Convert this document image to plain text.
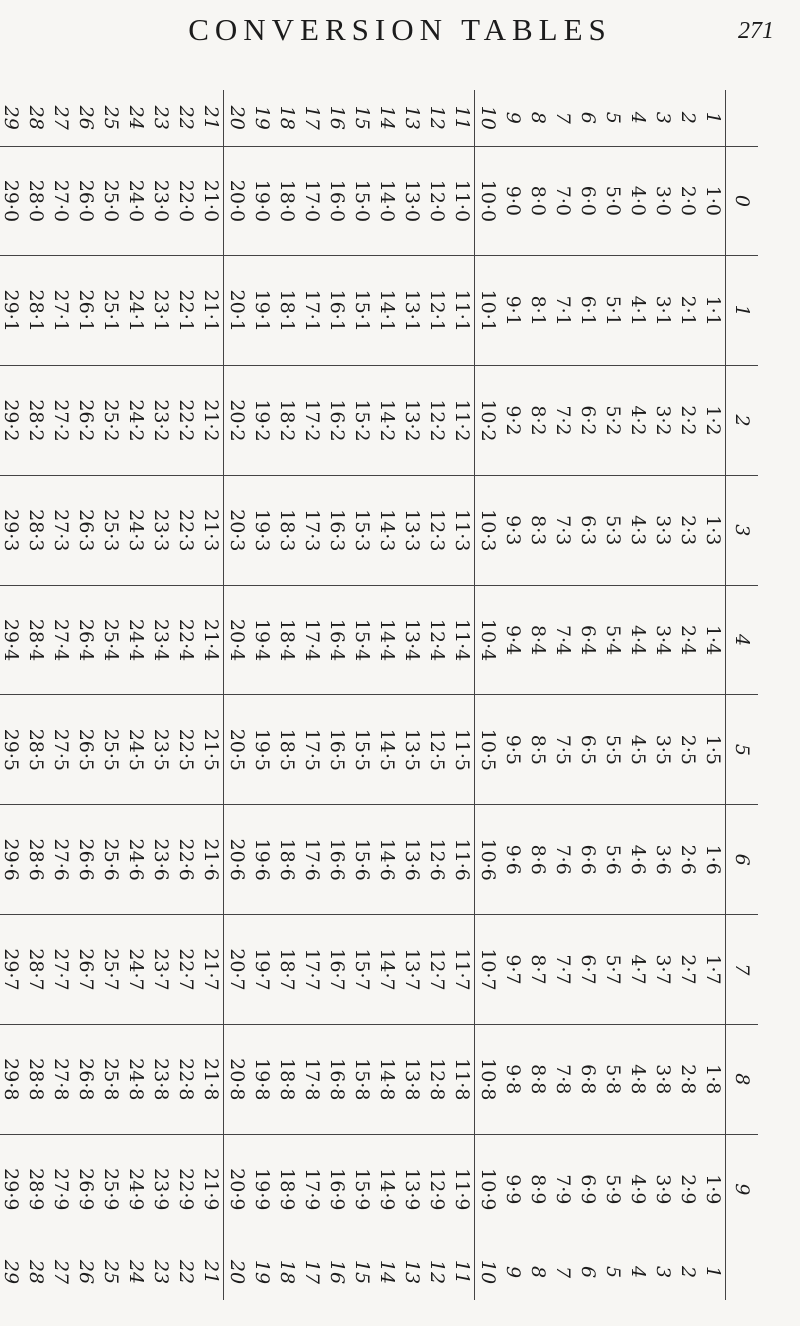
CONVERSION TABLES	271
	0	1	2	3	4	5	6	7	8	9	
1	1·0	1·1	1·2	1·3	1·4	1·5	1·6	1·7	1·8	1·9	1
2	2·0	2·1	2·2	2·3	2·4	2·5	2·6	2·7	2·8	2·9	2
3	3·0	3·1	3·2	3·3	3·4	3·5	3·6	3·7	3·8	3·9	3
4	4·0	4·1	4·2	4·3	4·4	4·5	4·6	4·7	4·8	4·9	4
5	5·0	5·1	5·2	5·3	5·4	5·5	5·6	5·7	5·8	5·9	5
6	6·0	6·1	6·2	6·3	6·4	6·5	6·6	6·7	6·8	6·9	6
7	7·0	7·1	7·2	7·3	7·4	7·5	7·6	7·7	7·8	7·9	7
8	8·0	8·1	8·2	8·3	8·4	8·5	8·6	8·7	8·8	8·9	8
9	9·0	9·1	9·2	9·3	9·4	9·5	9·6	9·7	9·8	9·9	9
10	10·0	10·1	10·2	10·3	10·4	10·5	10·6	10·7	10·8	10·9	10
11	11·0	11·1	11·2	11·3	11·4	11·5	11·6	11·7	11·8	11·9	11
12	12·0	12·1	12·2	12·3	12·4	12·5	12·6	12·7	12·8	12·9	12
13	13·0	13·1	13·2	13·3	13·4	13·5	13·6	13·7	13·8	13·9	13
14	14·0	14·1	14·2	14·3	14·4	14·5	14·6	14·7	14·8	14·9	14
15	15·0	15·1	15·2	15·3	15·4	15·5	15·6	15·7	15·8	15·9	15
16	16·0	16·1	16·2	16·3	16·4	16·5	16·6	16·7	16·8	16·9	16
17	17·0	17·1	17·2	17·3	17·4	17·5	17·6	17·7	17·8	17·9	17
18	18·0	18·1	18·2	18·3	18·4	18·5	18·6	18·7	18·8	18·9	18
19	19·0	19·1	19·2	19·3	19·4	19·5	19·6	19·7	19·8	19·9	19
20	20·0	20·1	20·2	20·3	20·4	20·5	20·6	20·7	20·8	20·9	20
21	21·0	21·1	21·2	21·3	21·4	21·5	21·6	21·7	21·8	21·9	21
22	22·0	22·1	22·2	22·3	22·4	22·5	22·6	22·7	22·8	22·9	22
23	23·0	23·1	23·2	23·3	23·4	23·5	23·6	23·7	23·8	23·9	23
24	24·0	24·1	24·2	24·3	24·4	24·5	24·6	24·7	24·8	24·9	24
25	25·0	25·1	25·2	25·3	25·4	25·5	25·6	25·7	25·8	25·9	25
26	26·0	26·1	26·2	26·3	26·4	26·5	26·6	26·7	26·8	26·9	26
27	27·0	27·1	27·2	27·3	27·4	27·5	27·6	27·7	27·8	27·9	27
28	28·0	28·1	28·2	28·3	28·4	28·5	28·6	28·7	28·8	28·9	28
29	29·0	29·1	29·2	29·3	29·4	29·5	29·6	29·7	29·8	29·9	29
